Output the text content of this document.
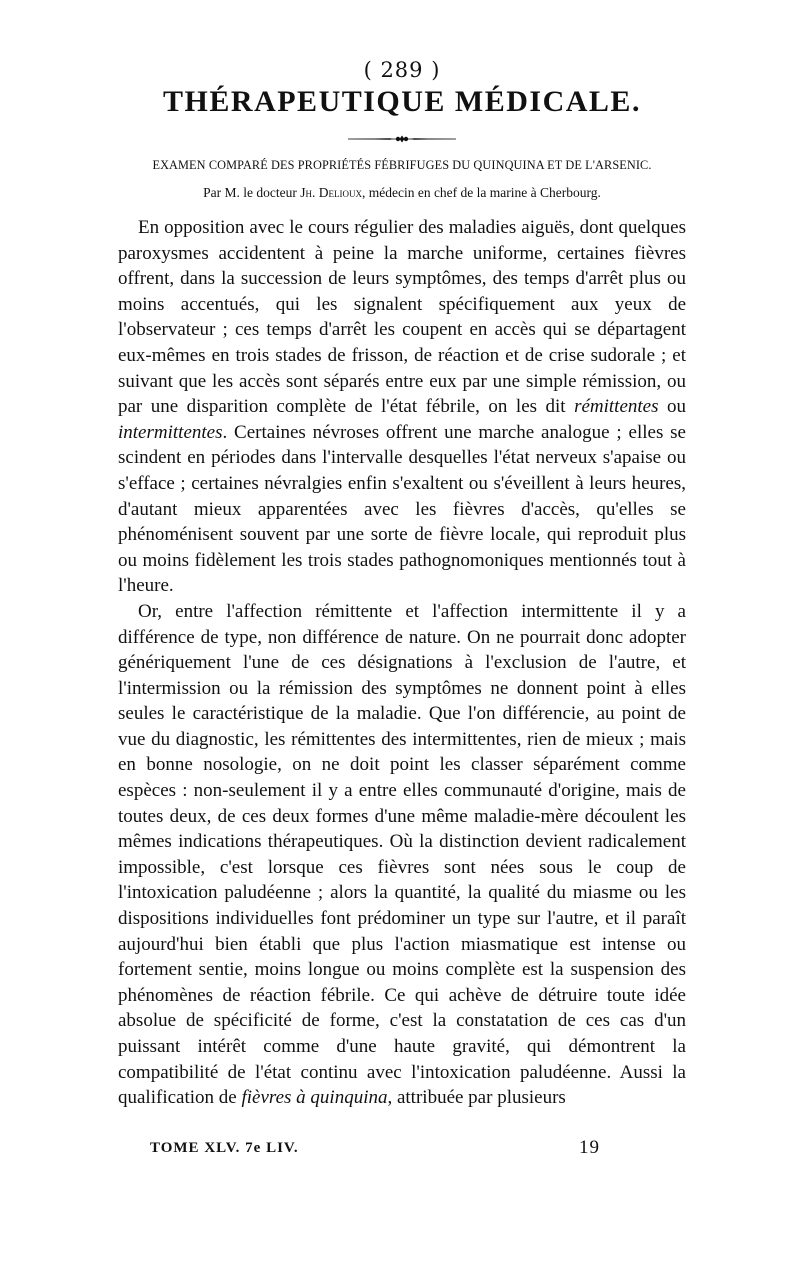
( 289 )
THÉRAPEUTIQUE MÉDICALE.
EXAMEN COMPARÉ DES PROPRIÉTÉS FÉBRIFUGES DU QUINQUINA ET DE L'ARSENIC.
Par M. le docteur Jh. Delioux, médecin en chef de la marine à Cherbourg.

En opposition avec le cours régulier des maladies aiguës, dont quelques paroxysmes accidentent à peine la marche uniforme, certaines fièvres offrent, dans la succession de leurs symptômes, des temps d'arrêt plus ou moins accentués, qui les signalent spécifiquement aux yeux de l'observateur ; ces temps d'arrêt les coupent en accès qui se départagent eux-mêmes en trois stades de frisson, de réaction et de crise sudorale ; et suivant que les accès sont séparés entre eux par une simple rémission, ou par une disparition complète de l'état fébrile, on les dit rémittentes ou intermittentes. Certaines névroses offrent une marche analogue ; elles se scindent en périodes dans l'intervalle desquelles l'état nerveux s'apaise ou s'efface ; certaines névralgies enfin s'exaltent ou s'éveillent à leurs heures, d'autant mieux apparentées avec les fièvres d'accès, qu'elles se phénoménisent souvent par une sorte de fièvre locale, qui reproduit plus ou moins fidèlement les trois stades pathognomoniques mentionnés tout à l'heure.

Or, entre l'affection rémittente et l'affection intermittente il y a différence de type, non différence de nature. On ne pourrait donc adopter génériquement l'une de ces désignations à l'exclusion de l'autre, et l'intermission ou la rémission des symptômes ne donnent point à elles seules le caractéristique de la maladie. Que l'on différencie, au point de vue du diagnostic, les rémittentes des intermittentes, rien de mieux ; mais en bonne nosologie, on ne doit point les classer séparément comme espèces : non-seulement il y a entre elles communauté d'origine, mais de toutes deux, de ces deux formes d'une même maladie-mère découlent les mêmes indications thérapeutiques. Où la distinction devient radicalement impossible, c'est lorsque ces fièvres sont nées sous le coup de l'intoxication paludéenne ; alors la quantité, la qualité du miasme ou les dispositions individuelles font prédominer un type sur l'autre, et il paraît aujourd'hui bien établi que plus l'action miasmatique est intense ou fortement sentie, moins longue ou moins complète est la suspension des phénomènes de réaction fébrile. Ce qui achève de détruire toute idée absolue de spécificité de forme, c'est la constatation de ces cas d'un puissant intérêt comme d'une haute gravité, qui démontrent la compatibilité de l'état continu avec l'intoxication paludéenne. Aussi la qualification de fièvres à quinquina, attribuée par plusieurs

TOME XLV. 7e LIV.	19
